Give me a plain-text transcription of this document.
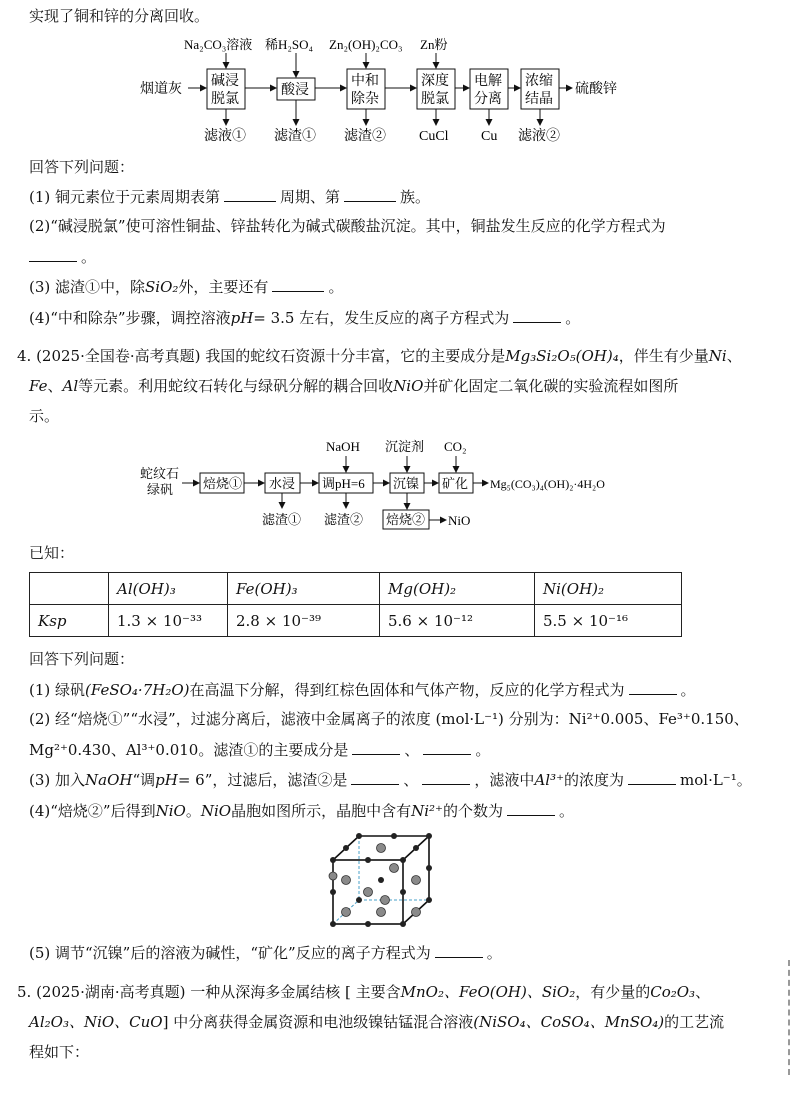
实现了铜和锌的分离回收。
烟道灰
碱浸
脱氯
酸浸
中和
除杂
深度
脱氯
电解
分离
浓缩
结晶
硫酸锌
Na₂CO₃溶液 稀H₂SO₄ Zn₂(OH)₂CO₃ Zn粉
滤液① 滤渣① 滤渣② CuCl Cu 滤液②
回答下列问题：
(1) 铜元素位于元素周期表第	周期、第	族。
(2)“碱浸脱氯”使可溶性铜盐、锌盐转化为碱式碳酸盐沉淀。其中，铜盐发生反应的化学方程式为
。
(3) 滤渣①中，除SiO₂外，主要还有	。
(4)“中和除杂”步骤，调控溶液pH= 3.5 左右，发生反应的离子方程式为	。
4. (2025·全国卷·高考真题) 我国的蛇纹石资源十分丰富，它的主要成分是Mg₃Si₂O₅(OH)₄，伴生有少量Ni、
Fe、Al等元素。利用蛇纹石转化与绿矾分解的耦合回收NiO并矿化固定二氧化碳的实验流程如图所
示。
蛇纹石
绿矾 焙烧① 水浸 调pH=6 沉镍 矿化 Mg₅(CO₃)₄(OH)₂·4H₂O
NaOH 沉淀剂 CO₂
滤渣① 滤渣② 焙烧② NiO
已知：
	Al(OH)₃	Fe(OH)₃	Mg(OH)₂	Ni(OH)₂
Ksp	1.3 × 10⁻³³	2.8 × 10⁻³⁹	5.6 × 10⁻¹²	5.5 × 10⁻¹⁶
回答下列问题：
(1) 绿矾(FeSO₄·7H₂O)在高温下分解，得到红棕色固体和气体产物，反应的化学方程式为	。
(2) 经“焙烧①”“水浸”，过滤分离后，滤液中金属离子的浓度 (mol·L⁻¹) 分别为：Ni²⁺0.005、Fe³⁺0.150、
Mg²⁺0.430、Al³⁺0.010。滤渣①的主要成分是	、	。
(3) 加入NaOH“调pH= 6”，过滤后，滤渣②是	、	，滤液中Al³⁺的浓度为	mol·L⁻¹。
(4)“焙烧②”后得到NiO。NiO晶胞如图所示，晶胞中含有Ni²⁺的个数为	。
(5) 调节“沉镍”后的溶液为碱性，“矿化”反应的离子方程式为	。
5. (2025·湖南·高考真题) 一种从深海多金属结核 [ 主要含MnO₂、FeO(OH)、SiO₂，有少量的Co₂O₃、
Al₂O₃、NiO、CuO] 中分离获得金属资源和电池级镍钴锰混合溶液(NiSO₄、CoSO₄、MnSO₄)的工艺流
程如下：
